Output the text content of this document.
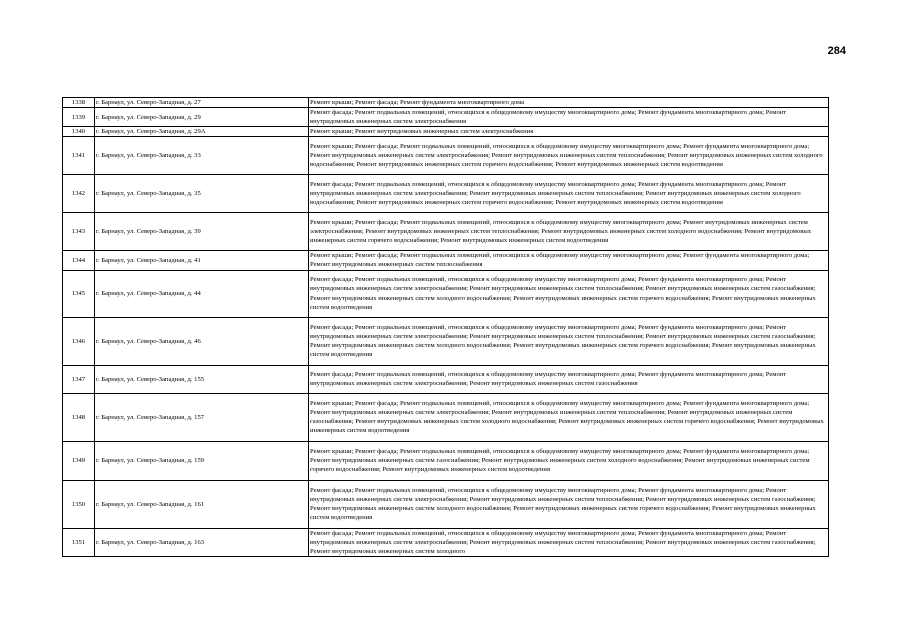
284
1338	г. Барнаул, ул. Северо-Западная, д. 27	Ремонт крыши; Ремонт фасада; Ремонт фундамента многоквартирного дома
1339	г. Барнаул, ул. Северо-Западная, д. 29	Ремонт фасада; Ремонт подвальных помещений, относящихся к общедомовому имуществу многоквартирного дома; Ремонт фундамента многоквартирного дома; Ремонт внутридомовых инженерных систем электроснабжения
1340	г. Барнаул, ул. Северо-Западная, д. 29А	Ремонт крыши; Ремонт внутридомовых инженерных систем электроснабжения
1341	г. Барнаул, ул. Северо-Западная, д. 33	Ремонт крыши; Ремонт фасада; Ремонт подвальных помещений, относящихся к общедомовому имуществу многоквартирного дома; Ремонт фундамента многоквартирного дома; Ремонт внутридомовых инженерных систем электроснабжения; Ремонт внутридомовых инженерных систем теплоснабжения; Ремонт внутридомовых инженерных систем холодного водоснабжения; Ремонт внутридомовых инженерных систем горячего водоснабжения; Ремонт внутридомовых инженерных систем водоотведения
1342	г. Барнаул, ул. Северо-Западная, д. 35	Ремонт фасада; Ремонт подвальных помещений, относящихся к общедомовому имуществу многоквартирного дома; Ремонт фундамента многоквартирного дома; Ремонт внутридомовых инженерных систем электроснабжения; Ремонт внутридомовых инженерных систем теплоснабжения; Ремонт внутридомовых инженерных систем холодного водоснабжения; Ремонт внутридомовых инженерных систем горячего водоснабжения; Ремонт внутридомовых инженерных систем водоотведения
1343	г. Барнаул, ул. Северо-Западная, д. 39	Ремонт крыши; Ремонт фасада; Ремонт подвальных помещений, относящихся к общедомовому имуществу многоквартирного дома; Ремонт внутридомовых инженерных систем электроснабжения; Ремонт внутридомовых инженерных систем теплоснабжения; Ремонт внутридомовых инженерных систем холодного водоснабжения; Ремонт внутридомовых инженерных систем горячего водоснабжения; Ремонт внутридомовых инженерных систем водоотведения
1344	г. Барнаул, ул. Северо-Западная, д. 41	Ремонт крыши; Ремонт фасада; Ремонт подвальных помещений, относящихся к общедомовому имуществу многоквартирного дома; Ремонт фундамента многоквартирного дома; Ремонт внутридомовых инженерных систем теплоснабжения
1345	г. Барнаул, ул. Северо-Западная, д. 44	Ремонт фасада; Ремонт подвальных помещений, относящихся к общедомовому имуществу многоквартирного дома; Ремонт фундамента многоквартирного дома; Ремонт внутридомовых инженерных систем электроснабжения; Ремонт внутридомовых инженерных систем теплоснабжения; Ремонт внутридомовых инженерных систем газоснабжения; Ремонт внутридомовых инженерных систем холодного водоснабжения; Ремонт внутридомовых инженерных систем горячего водоснабжения; Ремонт внутридомовых инженерных систем водоотведения
1346	г. Барнаул, ул. Северо-Западная, д. 46	Ремонт фасада; Ремонт подвальных помещений, относящихся к общедомовому имуществу многоквартирного дома; Ремонт фундамента многоквартирного дома; Ремонт внутридомовых инженерных систем электроснабжения; Ремонт внутридомовых инженерных систем теплоснабжения; Ремонт внутридомовых инженерных систем газоснабжения; Ремонт внутридомовых инженерных систем холодного водоснабжения; Ремонт внутридомовых инженерных систем горячего водоснабжения; Ремонт внутридомовых инженерных систем водоотведения
1347	г. Барнаул, ул. Северо-Западная, д. 155	Ремонт фасада; Ремонт подвальных помещений, относящихся к общедомовому имуществу многоквартирного дома; Ремонт фундамента многоквартирного дома; Ремонт внутридомовых инженерных систем электроснабжения; Ремонт внутридомовых инженерных систем газоснабжения
1348	г. Барнаул, ул. Северо-Западная, д. 157	Ремонт крыши; Ремонт фасада; Ремонт подвальных помещений, относящихся к общедомовому имуществу многоквартирного дома; Ремонт фундамента многоквартирного дома; Ремонт внутридомовых инженерных систем электроснабжения; Ремонт внутридомовых инженерных систем теплоснабжения; Ремонт внутридомовых инженерных систем газоснабжения; Ремонт внутридомовых инженерных систем холодного водоснабжения; Ремонт внутридомовых инженерных систем горячего водоснабжения; Ремонт внутридомовых инженерных систем водоотведения
1349	г. Барнаул, ул. Северо-Западная, д. 159	Ремонт крыши; Ремонт фасада; Ремонт подвальных помещений, относящихся к общедомовому имуществу многоквартирного дома; Ремонт фундамента многоквартирного дома; Ремонт внутридомовых инженерных систем газоснабжения; Ремонт внутридомовых инженерных систем холодного водоснабжения; Ремонт внутридомовых инженерных систем горячего водоснабжения; Ремонт внутридомовых инженерных систем водоотведения
1350	г. Барнаул, ул. Северо-Западная, д. 161	Ремонт фасада; Ремонт подвальных помещений, относящихся к общедомовому имуществу многоквартирного дома; Ремонт фундамента многоквартирного дома; Ремонт внутридомовых инженерных систем электроснабжения; Ремонт внутридомовых инженерных систем теплоснабжения; Ремонт внутридомовых инженерных систем газоснабжения; Ремонт внутридомовых инженерных систем холодного водоснабжения; Ремонт внутридомовых инженерных систем горячего водоснабжения; Ремонт внутридомовых инженерных систем водоотведения
1351	г. Барнаул, ул. Северо-Западная, д. 163	Ремонт фасада; Ремонт подвальных помещений, относящихся к общедомовому имуществу многоквартирного дома; Ремонт фундамента многоквартирного дома; Ремонт внутридомовых инженерных систем электроснабжения; Ремонт внутридомовых инженерных систем теплоснабжения; Ремонт внутридомовых инженерных систем газоснабжения; Ремонт внутридомовых инженерных систем холодного
